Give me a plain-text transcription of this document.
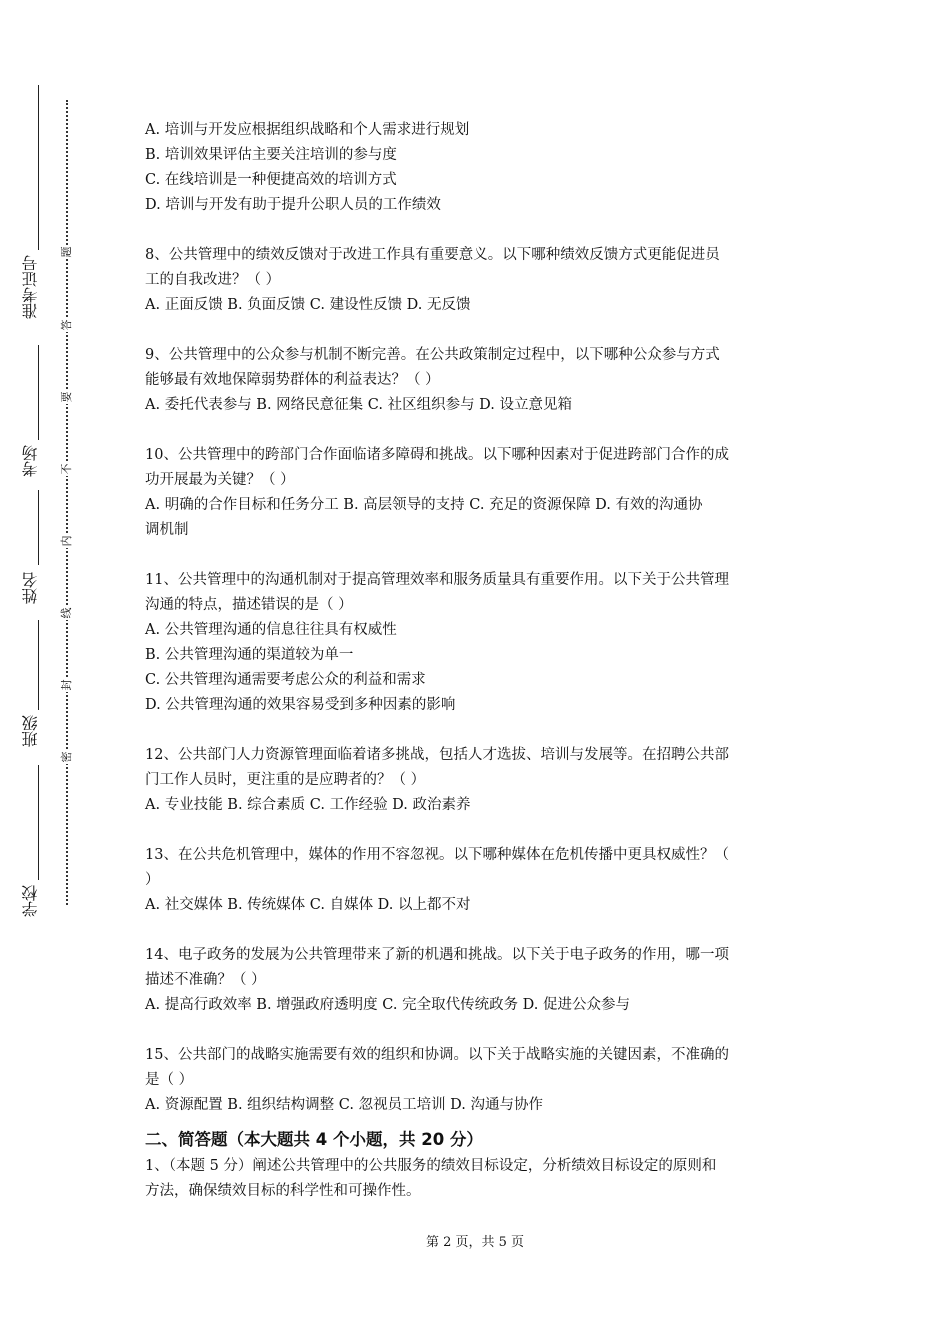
准考证号
考场
姓名
班级
学校
题
答
要
不
内
线
封
密

A. 培训与开发应根据组织战略和个人需求进行规划

B. 培训效果评估主要关注培训的参与度

C. 在线培训是一种便捷高效的培训方式

D. 培训与开发有助于提升公职人员的工作绩效

8、公共管理中的绩效反馈对于改进工作具有重要意义。以下哪种绩效反馈方式更能促进员

工的自我改进？（ ）

A. 正面反馈 B. 负面反馈 C. 建设性反馈 D. 无反馈

9、公共管理中的公众参与机制不断完善。在公共政策制定过程中，以下哪种公众参与方式

能够最有效地保障弱势群体的利益表达？（ ）

A. 委托代表参与 B. 网络民意征集 C. 社区组织参与 D. 设立意见箱

10、公共管理中的跨部门合作面临诸多障碍和挑战。以下哪种因素对于促进跨部门合作的成

功开展最为关键？（ ）

A. 明确的合作目标和任务分工 B. 高层领导的支持 C. 充足的资源保障 D. 有效的沟通协

调机制

11、公共管理中的沟通机制对于提高管理效率和服务质量具有重要作用。以下关于公共管理

沟通的特点，描述错误的是（ ）

A. 公共管理沟通的信息往往具有权威性

B. 公共管理沟通的渠道较为单一

C. 公共管理沟通需要考虑公众的利益和需求

D. 公共管理沟通的效果容易受到多种因素的影响

12、公共部门人力资源管理面临着诸多挑战，包括人才选拔、培训与发展等。在招聘公共部

门工作人员时，更注重的是应聘者的？（ ）

A. 专业技能 B. 综合素质 C. 工作经验 D. 政治素养

13、在公共危机管理中，媒体的作用不容忽视。以下哪种媒体在危机传播中更具权威性？（

）

A. 社交媒体 B. 传统媒体 C. 自媒体 D. 以上都不对

14、电子政务的发展为公共管理带来了新的机遇和挑战。以下关于电子政务的作用，哪一项

描述不准确？（ ）

A. 提高行政效率 B. 增强政府透明度 C. 完全取代传统政务 D. 促进公众参与

15、公共部门的战略实施需要有效的组织和协调。以下关于战略实施的关键因素，不准确的

是（ ）

A. 资源配置 B. 组织结构调整 C. 忽视员工培训 D. 沟通与协作

二、简答题（本大题共 4 个小题，共 20 分）

1、（本题 5 分）阐述公共管理中的公共服务的绩效目标设定，分析绩效目标设定的原则和

方法，确保绩效目标的科学性和可操作性。

第 2 页，共 5 页
